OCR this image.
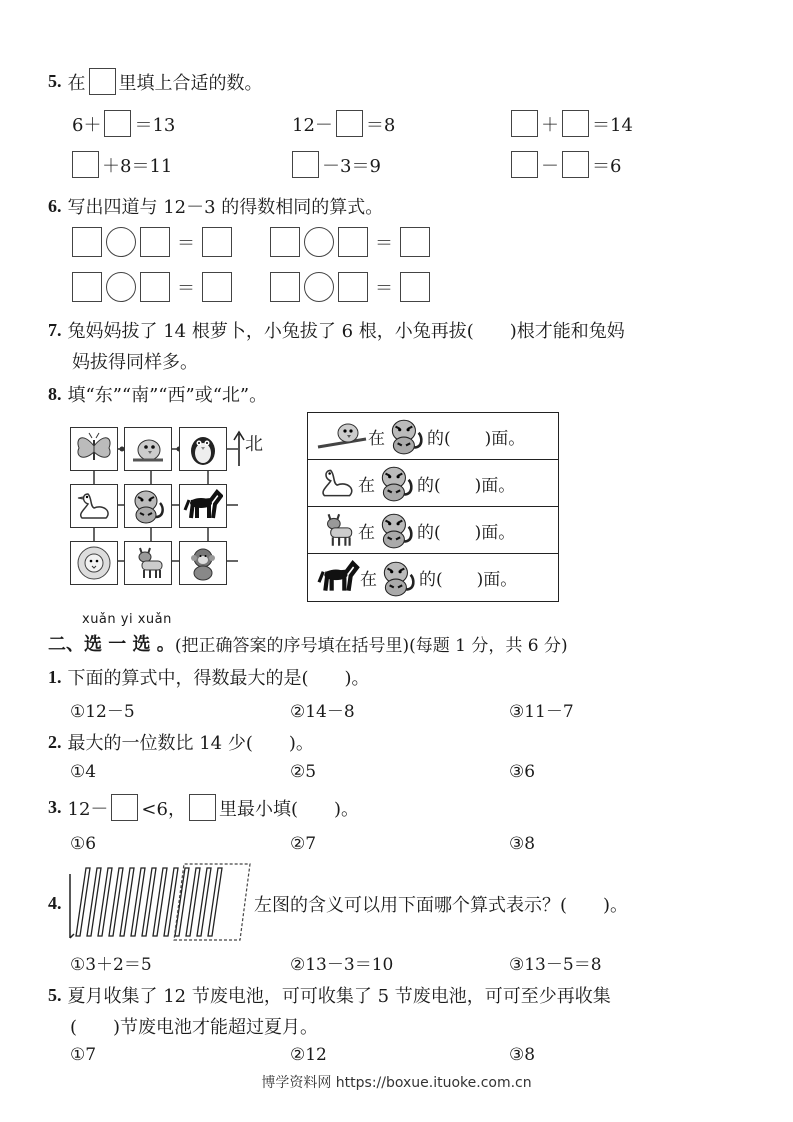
5. 在 里填上合适的数。
6＋ ＝13	12－ ＝8	＋ ＝14
＋8＝11	－3＝9	－ ＝6
6. 写出四道与 12－3 的得数相同的算式。
＝	＝
＝	＝
7. 兔妈妈拔了 14 根萝卜，小兔拔了 6 根，小兔再拔(　　)根才能和兔妈
妈拔得同样多。
8. 填“东”“南”“西”或“北”。
北	在 的(　　)面。
在 的(　　)面。
在 的(　　)面。
在 的(　　)面。
xuǎn yi xuǎn
二、选 一 选 。 (把正确答案的序号填在括号里)(每题 1 分，共 6 分)
1. 下面的算式中，得数最大的是(　　)。
①12－5	②14－8	③11－7
2. 最大的一位数比 14 少(　　)。
①4	②5	③6
3. 12－ <6， 里最小填(　　)。
①6	②7	③8
4.	左图的含义可以用下面哪个算式表示？(　　)。
①3＋2＝5	②13－3＝10	③13－5＝8
5. 夏月收集了 12 节废电池，可可收集了 5 节废电池，可可至少再收集
(　　)节废电池才能超过夏月。
①7	②12	③8
博学资料网 https://boxue.ituoke.com.cn
